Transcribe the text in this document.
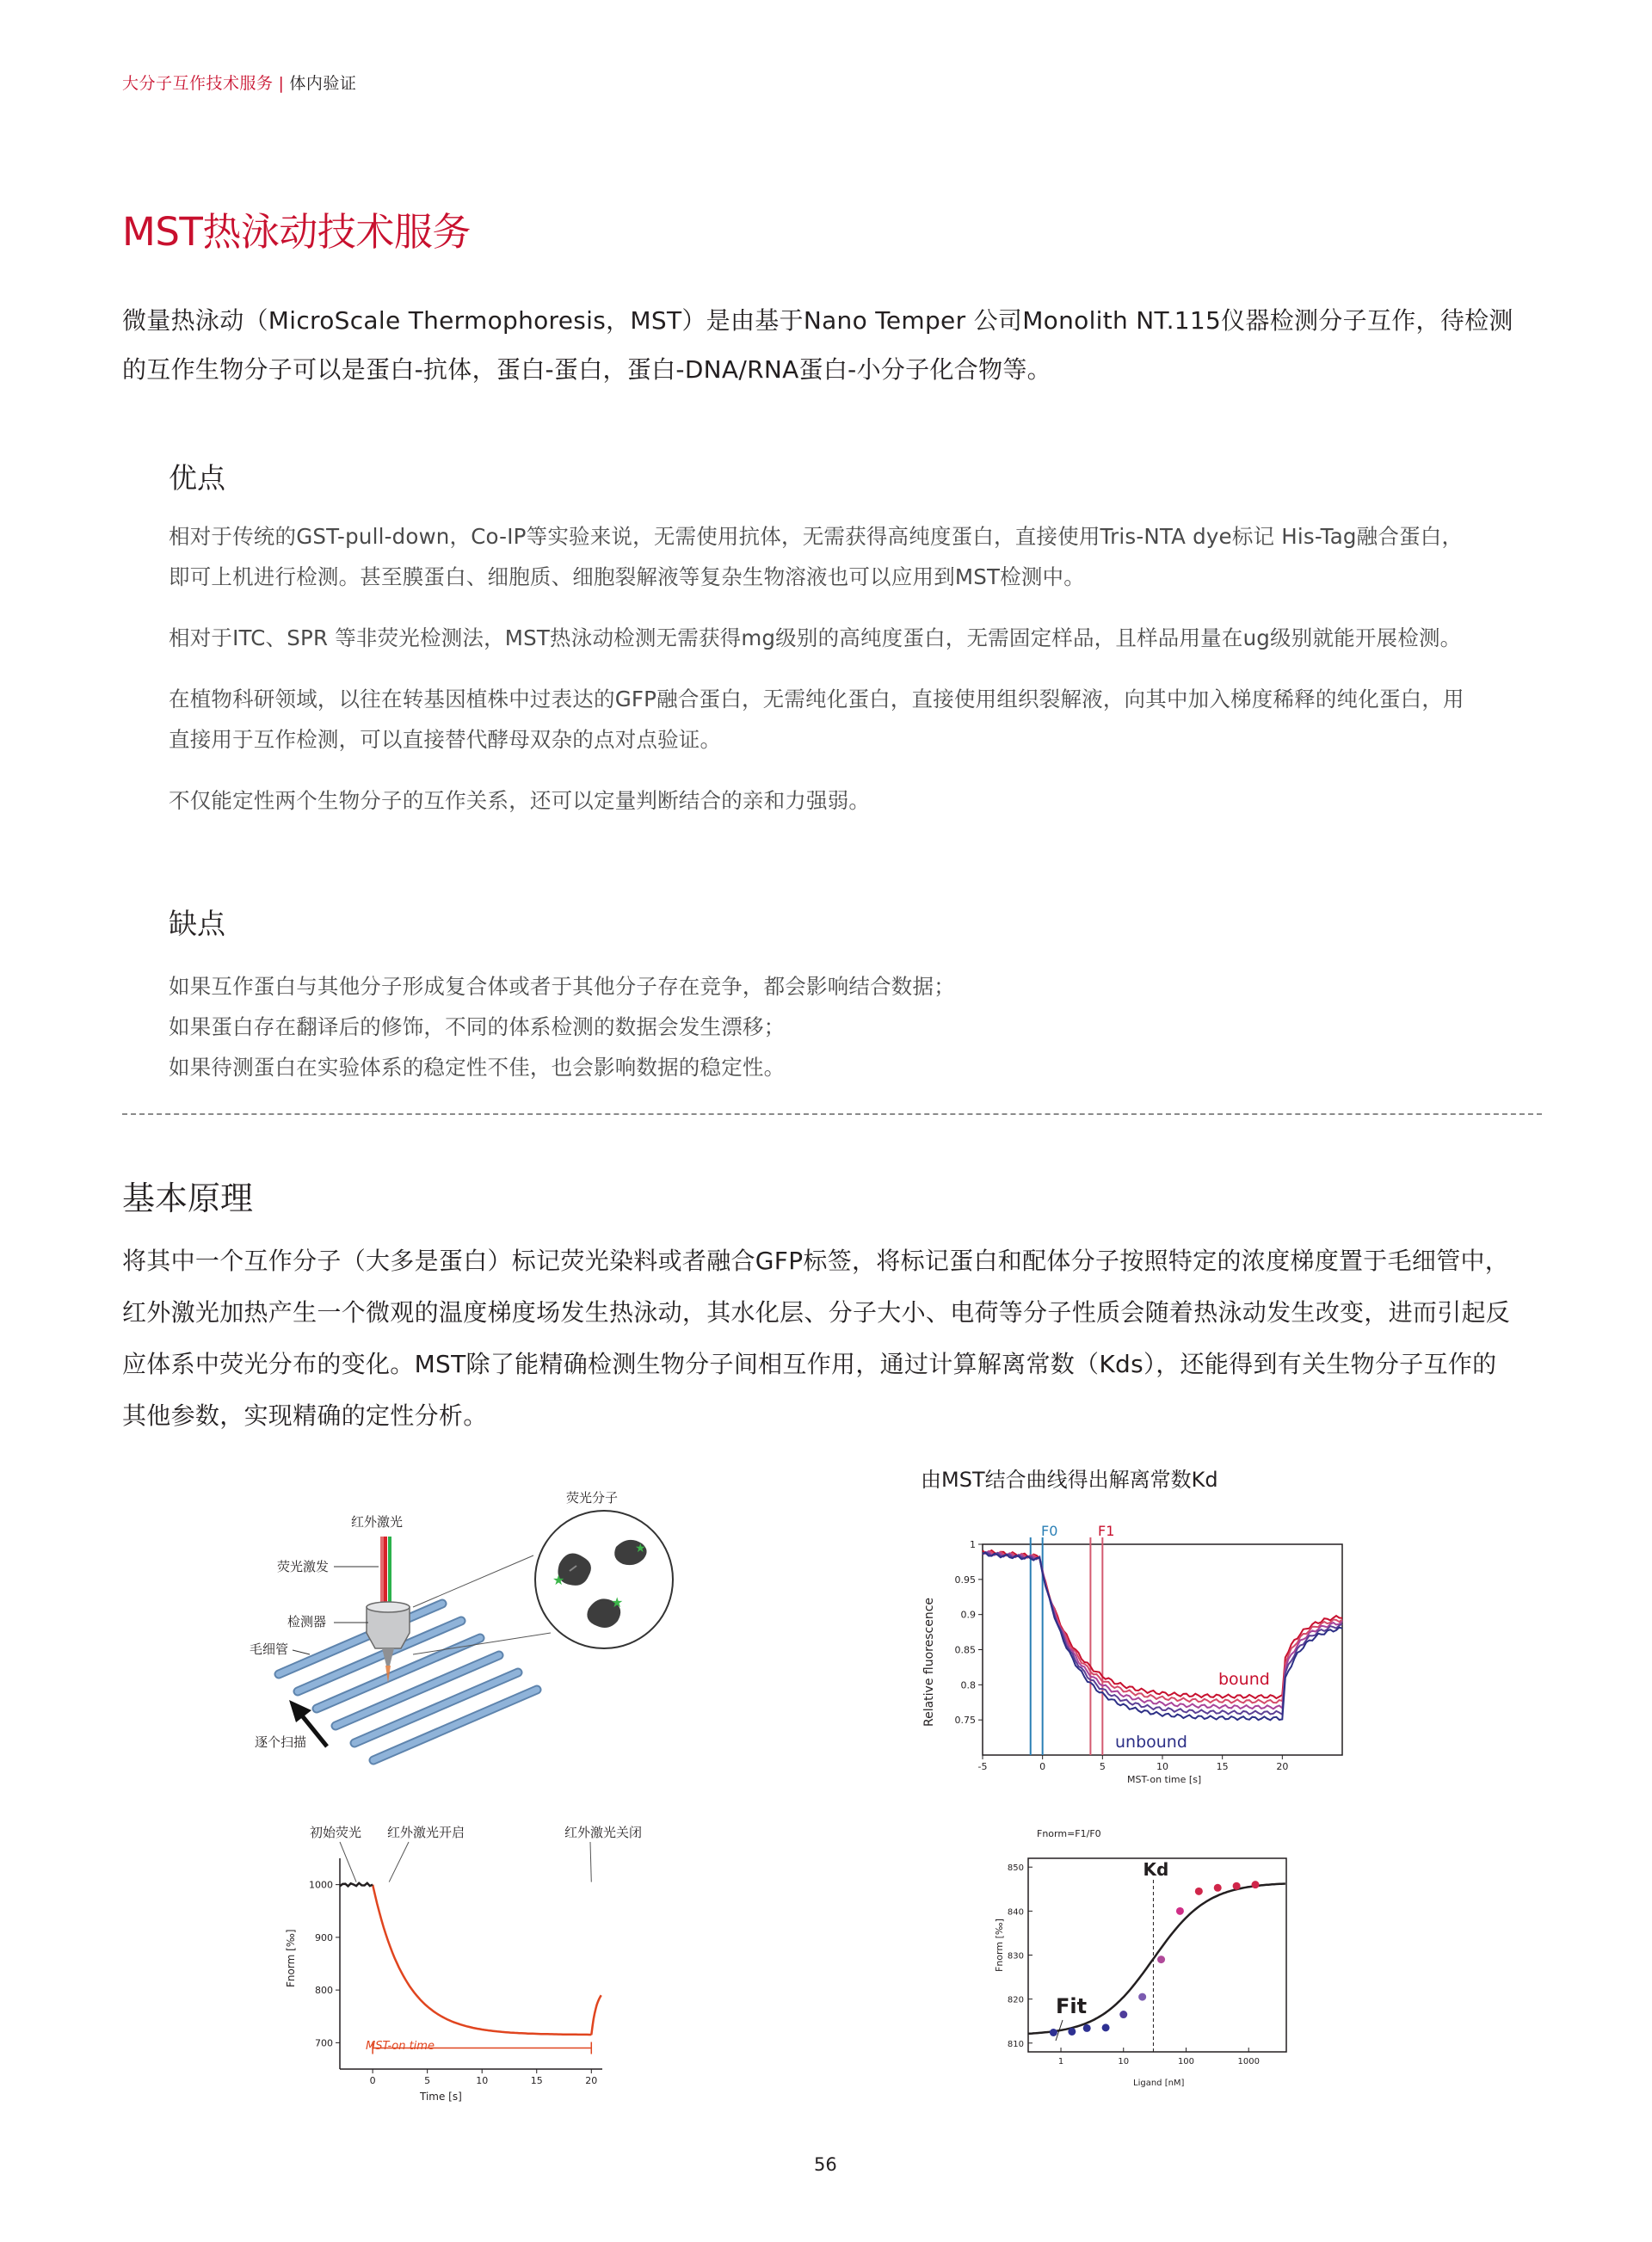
大分子互作技术服务 | 体内验证
MST热泳动技术服务
微量热泳动（MicroScale Thermophoresis，MST）是由基于Nano Temper 公司Monolith NT.115仪器检测分子互作，待检测
的互作生物分子可以是蛋白-抗体，蛋白-蛋白，蛋白-DNA/RNA蛋白-小分子化合物等。
优点
相对于传统的GST-pull-down，Co-IP等实验来说，无需使用抗体，无需获得高纯度蛋白，直接使用Tris-NTA dye标记 His-Tag融合蛋白，
即可上机进行检测。甚至膜蛋白、细胞质、细胞裂解液等复杂生物溶液也可以应用到MST检测中。
相对于ITC、SPR 等非荧光检测法，MST热泳动检测无需获得mg级别的高纯度蛋白，无需固定样品，且样品用量在ug级别就能开展检测。
在植物科研领域，以往在转基因植株中过表达的GFP融合蛋白，无需纯化蛋白，直接使用组织裂解液，向其中加入梯度稀释的纯化蛋白，用
直接用于互作检测，可以直接替代酵母双杂的点对点验证。
不仅能定性两个生物分子的互作关系，还可以定量判断结合的亲和力强弱。
缺点
如果互作蛋白与其他分子形成复合体或者于其他分子存在竞争，都会影响结合数据；
如果蛋白存在翻译后的修饰，不同的体系检测的数据会发生漂移；
如果待测蛋白在实验体系的稳定性不佳，也会影响数据的稳定性。
基本原理
将其中一个互作分子（大多是蛋白）标记荧光染料或者融合GFP标签，将标记蛋白和配体分子按照特定的浓度梯度置于毛细管中，
红外激光加热产生一个微观的温度梯度场发生热泳动，其水化层、分子大小、电荷等分子性质会随着热泳动发生改变，进而引起反
应体系中荧光分布的变化。MST除了能精确检测生物分子间相互作用，通过计算解离常数（Kds），还能得到有关生物分子互作的
其他参数，实现精确的定性分析。
★
★
★
红外激光
荧光激发
检测器
毛细管
逐个扫描
荧光分子
由MST结合曲线得出解离常数Kd
1
0.95
0.9
0.85
0.8
0.75
-5	0	5	10	15	20
F0	F1
bound
unbound
Relative fluorescence
MST-on time [s]
初始荧光 红外激光开启	红外激光关闭
1000
900
800
700
0	5	10	15	20
MST-on time
Fnorm [‰]
Time [s]
Fnorm=F1/F0
850
840
830
820
810
1	10	100	1000
Kd
Fit
Fnorm [‰]
Ligand [nM]
56
